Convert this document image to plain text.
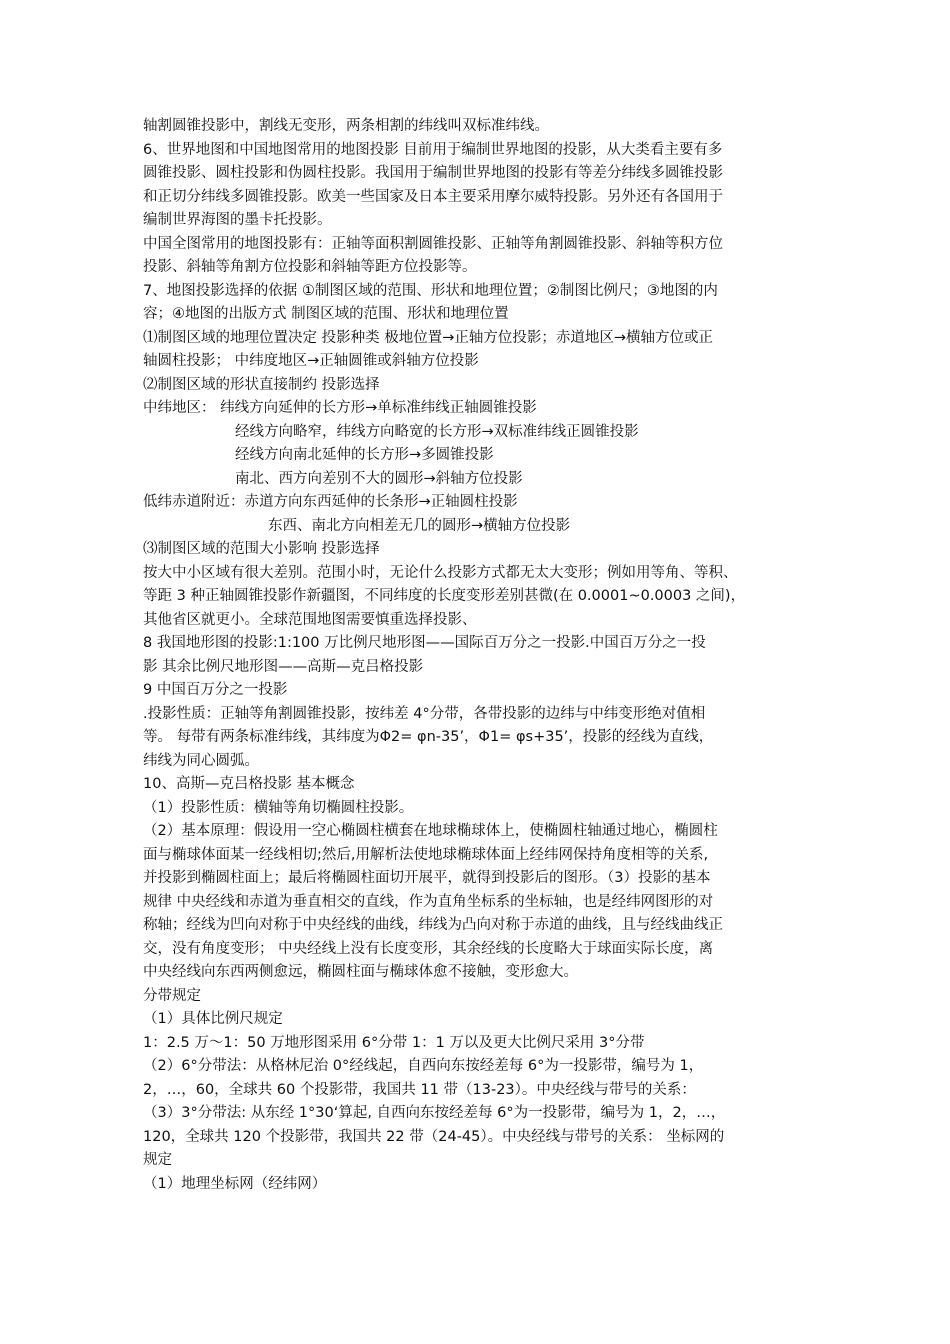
轴割圆锥投影中，割线无变形，两条相割的纬线叫双标准纬线。
6、世界地图和中国地图常用的地图投影 目前用于编制世界地图的投影，从大类看主要有多
圆锥投影、圆柱投影和伪圆柱投影。我国用于编制世界地图的投影有等差分纬线多圆锥投影
和正切分纬线多圆锥投影。欧美一些国家及日本主要采用摩尔威特投影。另外还有各国用于
编制世界海图的墨卡托投影。
中国全图常用的地图投影有：正轴等面积割圆锥投影、正轴等角割圆锥投影、斜轴等积方位
投影、斜轴等角割方位投影和斜轴等距方位投影等。
7、地图投影选择的依据 ①制图区域的范围、形状和地理位置；②制图比例尺；③地图的内
容；④地图的出版方式 制图区域的范围、形状和地理位置
⑴制图区域的地理位置决定 投影种类 极地位置→正轴方位投影；赤道地区→横轴方位或正
轴圆柱投影； 中纬度地区→正轴圆锥或斜轴方位投影
⑵制图区域的形状直接制约 投影选择
中纬地区： 纬线方向延伸的长方形→单标准纬线正轴圆锥投影
经线方向略窄，纬线方向略宽的长方形→双标准纬线正圆锥投影
经线方向南北延伸的长方形→多圆锥投影
南北、西方向差别不大的圆形→斜轴方位投影
低纬赤道附近：赤道方向东西延伸的长条形→正轴圆柱投影
东西、南北方向相差无几的圆形→横轴方位投影
⑶制图区域的范围大小影响 投影选择
按大中小区域有很大差别。范围小时，无论什么投影方式都无太大变形；例如用等角、等积、
等距 3 种正轴圆锥投影作新疆图，不同纬度的长度变形差别甚微(在 0.0001~0.0003 之间)，
其他省区就更小。全球范围地图需要慎重选择投影、
8 我国地形图的投影:1:100 万比例尺地形图——国际百万分之一投影.中国百万分之一投
影 其余比例尺地形图——高斯—克吕格投影
9 中国百万分之一投影
.投影性质：正轴等角割圆锥投影，按纬差 4°分带，各带投影的边纬与中纬变形绝对值相
等。 每带有两条标准纬线，其纬度为Φ2= φn-35’，Φ1= φs+35’，投影的经线为直线，
纬线为同心圆弧。
10、高斯—克吕格投影 基本概念
（1）投影性质：横轴等角切椭圆柱投影。
（2）基本原理：假设用一空心椭圆柱横套在地球椭球体上，使椭圆柱轴通过地心，椭圆柱
面与椭球体面某一经线相切;然后,用解析法使地球椭球体面上经纬网保持角度相等的关系,
并投影到椭圆柱面上；最后将椭圆柱面切开展平，就得到投影后的图形。（3）投影的基本
规律 中央经线和赤道为垂直相交的直线，作为直角坐标系的坐标轴，也是经纬网图形的对
称轴；经线为凹向对称于中央经线的曲线，纬线为凸向对称于赤道的曲线，且与经线曲线正
交，没有角度变形； 中央经线上没有长度变形，其余经线的长度略大于球面实际长度，离
中央经线向东西两侧愈远，椭圆柱面与椭球体愈不接触，变形愈大。
分带规定
（1）具体比例尺规定
1：2.5 万～1：50 万地形图采用 6°分带 1：1 万以及更大比例尺采用 3°分带
（2）6°分带法：从格林尼治 0°经线起，自西向东按经差每 6°为一投影带，编号为 1，
2，…，60，全球共 60 个投影带，我国共 11 带（13-23）。中央经线与带号的关系：
（3）3°分带法: 从东经 1°30‘算起, 自西向东按经差每 6°为一投影带，编号为 1，2，…，
120，全球共 120 个投影带，我国共 22 带（24-45）。中央经线与带号的关系： 坐标网的
规定
（1）地理坐标网（经纬网）
